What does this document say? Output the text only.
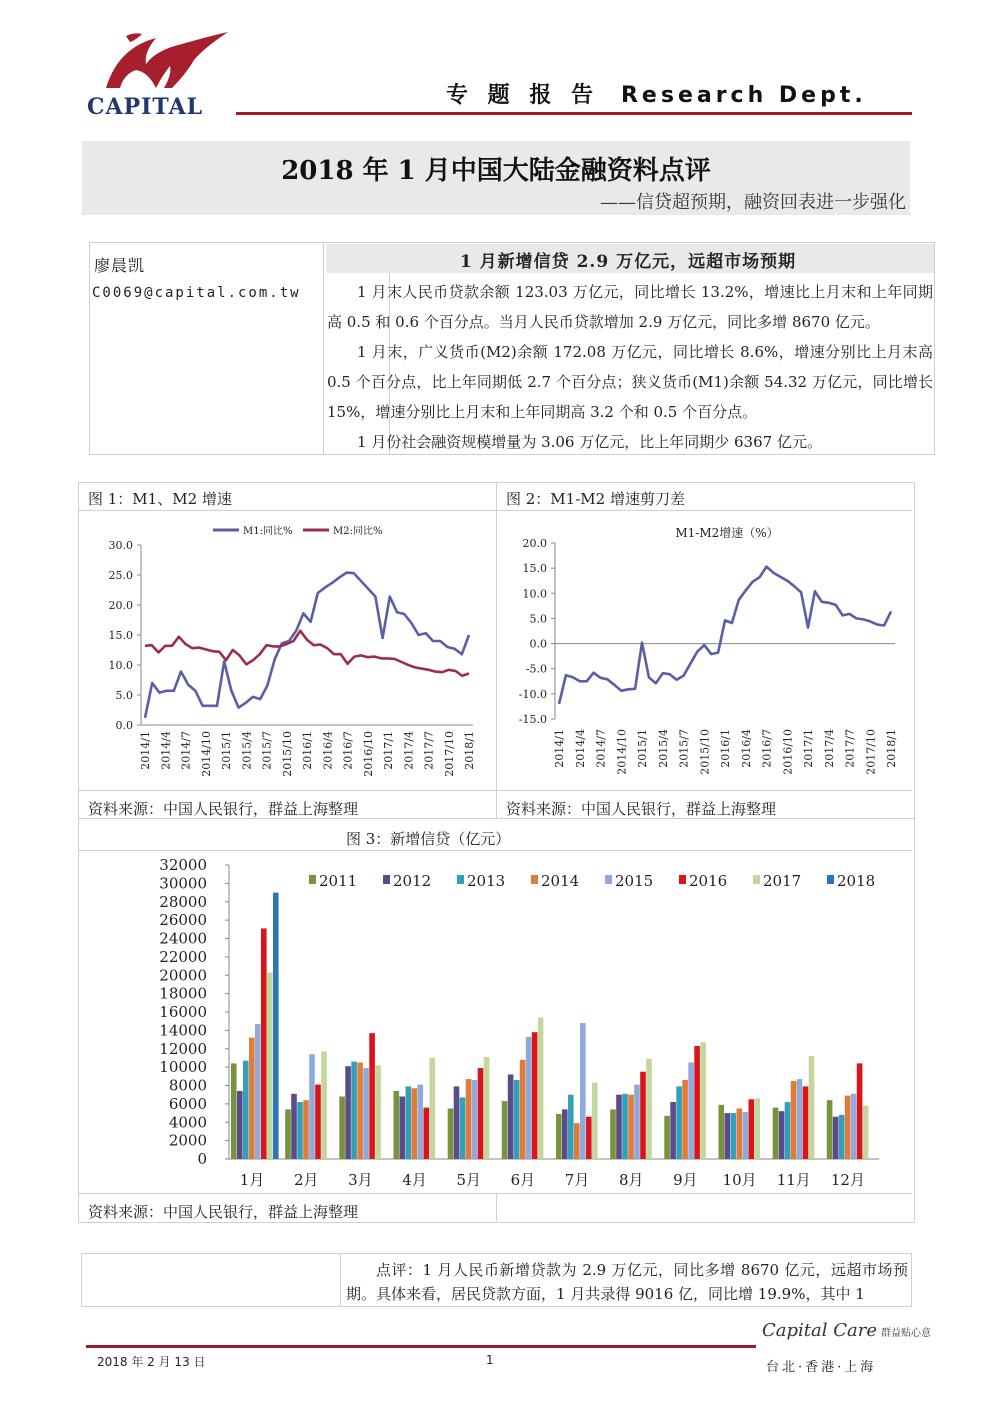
CAPITAL	专 题 报 告 Research Dept.
2018 年 1 月中国大陆金融资料点评
——信贷超预期，融资回表进一步强化
廖晨凯
C0069@capital.com.tw
1 月新增信贷 2.9 万亿元，远超市场预期

1 月末人民币贷款余额 123.03 万亿元，同比增长 13.2%，增速比上月末和上年同期高 0.5 和 0.6 个百分点。当月人民币贷款增加 2.9 万亿元，同比多增 8670 亿元。

1 月末，广义货币(M2)余额 172.08 万亿元，同比增长 8.6%，增速分别比上月末高 0.5 个百分点，比上年同期低 2.7 个百分点；狭义货币(M1)余额 54.32 万亿元，同比增长 15%，增速分别比上月末和上年同期高 3.2 个和 0.5 个百分点。

1 月份社会融资规模增量为 3.06 万亿元，比上年同期少 6367 亿元。

图 1：M1、M2 增速	图 2：M1-M2 增速剪刀差
图 3：新增信贷（亿元）
资料来源：中国人民银行，群益上海整理	资料来源：中国人民银行，群益上海整理
资料来源：中国人民银行，群益上海整理
0.0
5.0
10.0
15.0
20.0
25.0
30.0
2014/1 2014/4 2014/7 2014/10 2015/1 2015/4 2015/7 2015/10 2016/1 2016/4 2016/7 2016/10 2017/1 2017/4 2017/7 2017/10 2018/1
M1:同比%	M2:同比%
-15.0
-10.0
-5.0
0.0
5.0
10.0
15.0
20.0
2014/1 2014/4 2014/7 2014/10 2015/1 2015/4 2015/7 2015/10 2016/1 2016/4 2016/7 2016/10 2017/1 2017/4 2017/7 2017/10 2018/1
M1-M2增速（%）
0
2000
4000
6000
8000
10000
12000
14000
16000
18000
20000
22000
24000
26000
28000
30000
32000
1月 2月 3月 4月 5月 6月 7月 8月 9月 10月 11月 12月
2011 2012 2013 2014 2015 2016 2017 2018
点评：1 月人民币新增贷款为 2.9 万亿元，同比多增 8670 亿元，远超市场预期。具体来看，居民贷款方面，1 月共录得 9016 亿，同比增 19.9%，其中 1
2018 年 2 月 13 日	1
Capital Care 群益贴心意
台北·香港·上海
